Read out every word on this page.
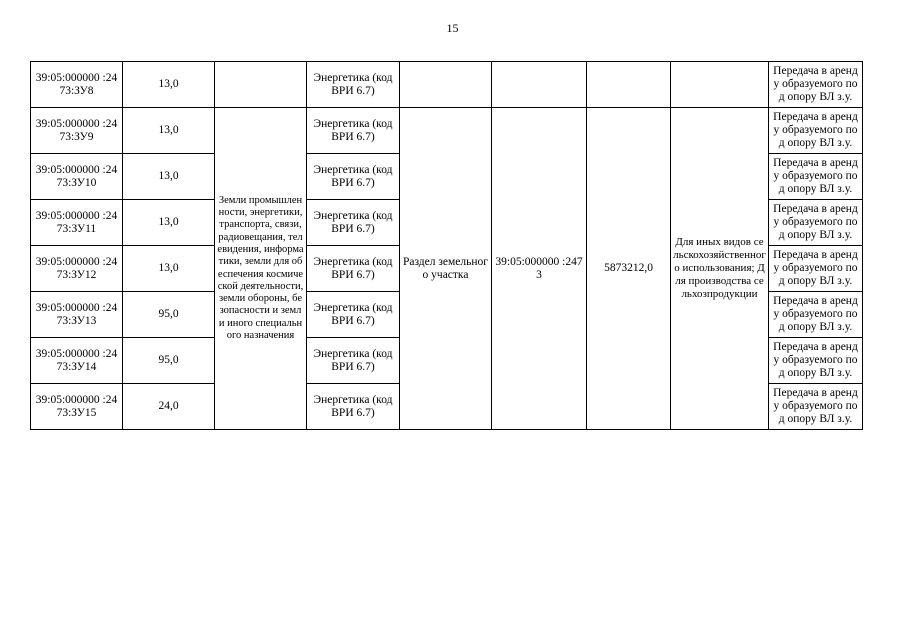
15
39:05:000000 :2473:ЗУ8	13,0		Энергетика (код ВРИ 6.7)					Передача в аренду образуемого под опору ВЛ з.у.
39:05:000000 :2473:ЗУ9	13,0	Земли промышленности, энергетики, транспорта, связи, радиовещания, телевидения, информатики, земли для обеспечения космической деятельности, земли обороны, безопасности и земли иного специального назначения	Энергетика (код ВРИ 6.7)	Раздел земельного участка	39:05:000000 :2473	5873212,0	Для иных видов сельскохозяйственного использования; Для производства сельхозпродукции	Передача в аренду образуемого под опору ВЛ з.у.
39:05:000000 :2473:ЗУ10	13,0		Энергетика (код ВРИ 6.7)					Передача в аренду образуемого под опору ВЛ з.у.
39:05:000000 :2473:ЗУ11	13,0		Энергетика (код ВРИ 6.7)					Передача в аренду образуемого под опору ВЛ з.у.
39:05:000000 :2473:ЗУ12	13,0		Энергетика (код ВРИ 6.7)					Передача в аренду образуемого под опору ВЛ з.у.
39:05:000000 :2473:ЗУ13	95,0		Энергетика (код ВРИ 6.7)					Передача в аренду образуемого под опору ВЛ з.у.
39:05:000000 :2473:ЗУ14	95,0		Энергетика (код ВРИ 6.7)					Передача в аренду образуемого под опору ВЛ з.у.
39:05:000000 :2473:ЗУ15	24,0		Энергетика (код ВРИ 6.7)					Передача в аренду образуемого под опору ВЛ з.у.
